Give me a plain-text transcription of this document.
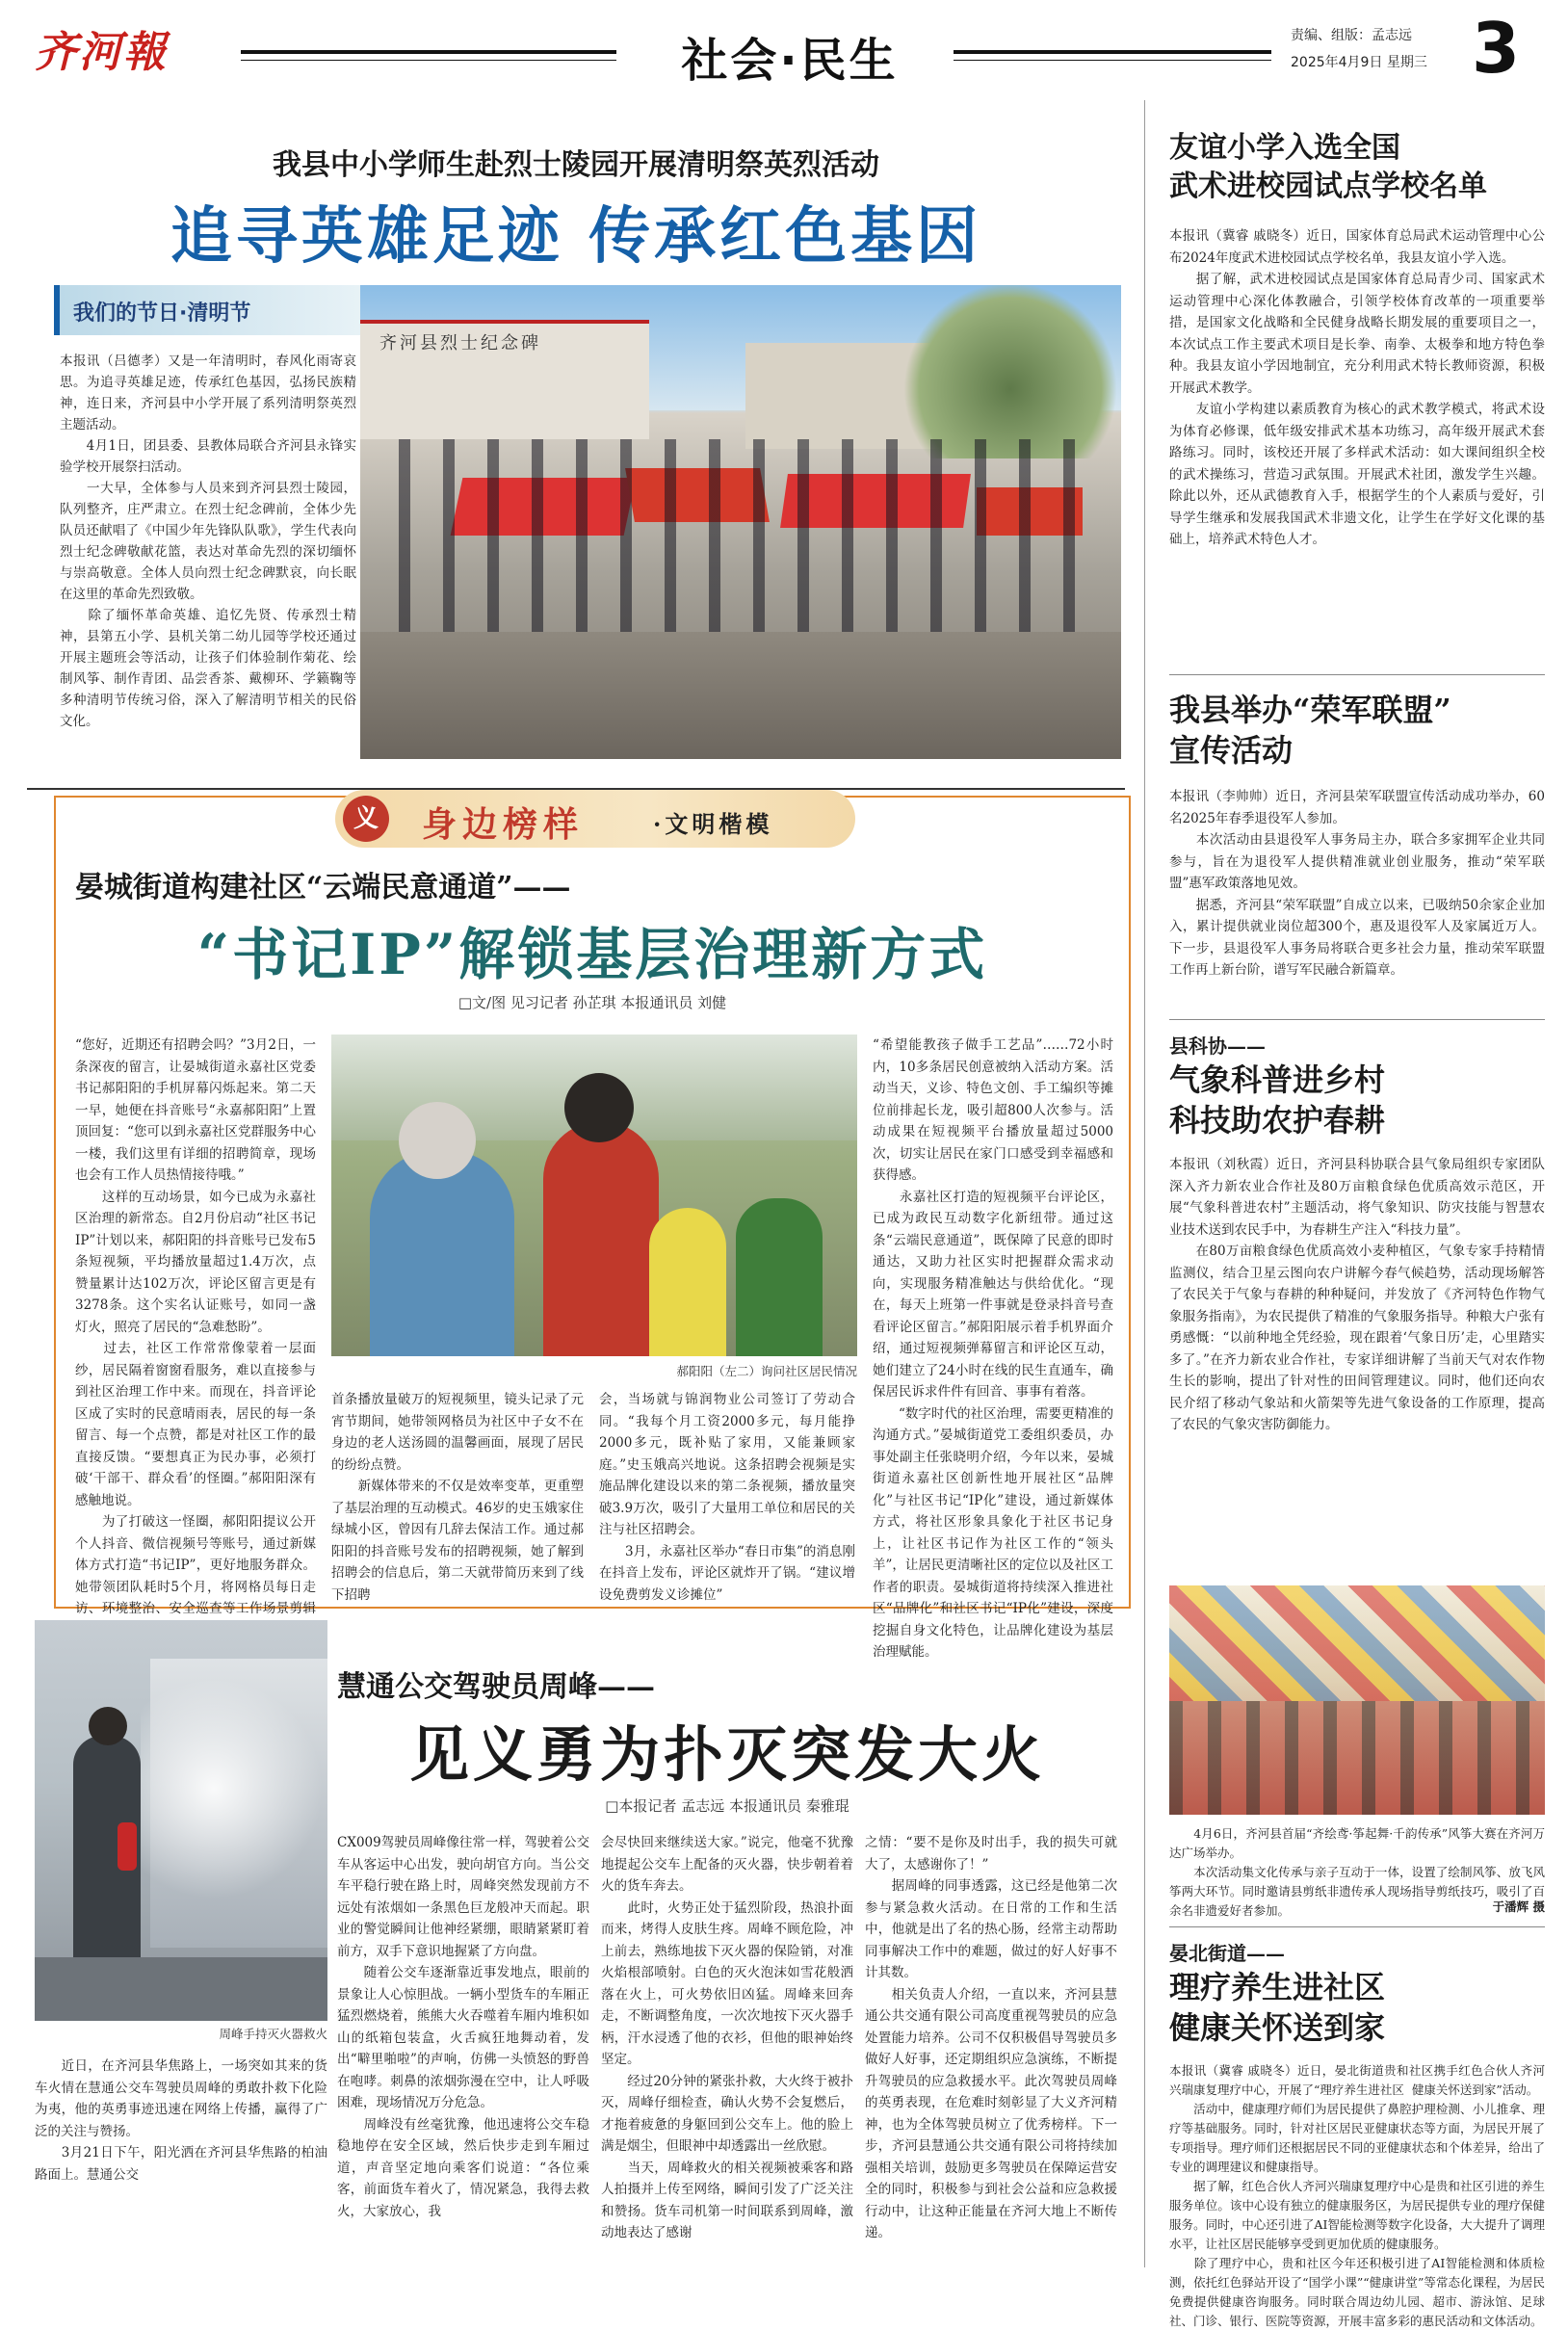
齐河報	社会·民生	责编、组版：孟志远
2025年4月9日 星期三 3
我县中小学师生赴烈士陵园开展清明祭英烈活动
追寻英雄足迹 传承红色基因
我们的节日·清明节
齐河县烈士纪念碑
本报讯（吕德孝）又是一年清明时，春风化雨寄哀思。为追寻英雄足迹，传承红色基因，弘扬民族精神，连日来，齐河县中小学开展了系列清明祭英烈主题活动。
　　4月1日，团县委、县教体局联合齐河县永锋实验学校开展祭扫活动。
　　一大早，全体参与人员来到齐河县烈士陵园，队列整齐，庄严肃立。在烈士纪念碑前，全体少先队员还献唱了《中国少年先锋队队歌》，学生代表向烈士纪念碑敬献花篮，表达对革命先烈的深切缅怀与崇高敬意。全体人员向烈士纪念碑默哀，向长眠在这里的革命先烈致敬。
　　除了缅怀革命英雄、追忆先贤、传承烈士精神，县第五小学、县机关第二幼儿园等学校还通过开展主题班会等活动，让孩子们体验制作菊花、绘制风筝、制作青团、品尝香茶、戴柳环、学籁鞠等多种清明节传统习俗，深入了解清明节相关的民俗文化。
义	身边榜样	·文明楷模
晏城街道构建社区“云端民意通道”——
“书记IP”解锁基层治理新方式
□文/图 见习记者 孙芷琪 本报通讯员 刘健
“您好，近期还有招聘会吗？”3月2日，一条深夜的留言，让晏城街道永嘉社区党委书记郝阳阳的手机屏幕闪烁起来。第二天一早，她便在抖音账号“永嘉郝阳阳”上置顶回复：“您可以到永嘉社区党群服务中心一楼，我们这里有详细的招聘简章，现场也会有工作人员热情接待哦。”
　　这样的互动场景，如今已成为永嘉社区治理的新常态。自2月份启动“社区书记IP”计划以来，郝阳阳的抖音账号已发布5条短视频，平均播放量超过1.4万次，点赞量累计达102万次，评论区留言更是有3278条。这个实名认证账号，如同一盏灯火，照亮了居民的“急难愁盼”。
　　过去，社区工作常常像蒙着一层面纱，居民隔着窗窗看服务，难以直接参与到社区治理工作中来。而现在，抖音评论区成了实时的民意晴雨表，居民的每一条留言、每一个点赞，都是对社区工作的最直接反馈。“要想真正为民办事，必须打破‘干部干、群众看’的怪圈。”郝阳阳深有感触地说。
　　为了打破这一怪圈，郝阳阳提议公开个人抖音、微信视频号等账号，通过新媒体方式打造“书记IP”，更好地服务群众。她带领团队耗时5个月，将网格员每日走访、环境整治、安全巡查等工作场景剪辑
郝阳阳（左二）询问社区居民情况
首条播放量破万的短视频里，镜头记录了元宵节期间，她带领网格员为社区中子女不在身边的老人送汤圆的温馨画面，展现了居民的纷纷点赞。
　　新媒体带来的不仅是效率变革，更重塑了基层治理的互动模式。46岁的史玉娥家住绿城小区，曾因有几辞去保洁工作。通过郝阳阳的抖音账号发布的招聘视频，她了解到招聘会的信息后，第二天就带简历来到了线下招聘
会，当场就与锦润物业公司签订了劳动合同。“我每个月工资2000多元，每月能挣2000多元，既补贴了家用，又能兼顾家庭。”史玉娥高兴地说。这条招聘会视频是实施品牌化建设以来的第二条视频，播放量突破3.9万次，吸引了大量用工单位和居民的关注与社区招聘会。
　　3月，永嘉社区举办“春日市集”的消息刚在抖音上发布，评论区就炸开了锅。“建议增设免费剪发义诊摊位”
“希望能教孩子做手工艺品”……72小时内，10多条居民创意被纳入活动方案。活动当天，义诊、特色文创、手工编织等摊位前排起长龙，吸引超800人次参与。活动成果在短视频平台播放量超过5000次，切实让居民在家门口感受到幸福感和获得感。
　　永嘉社区打造的短视频平台评论区，已成为政民互动数字化新纽带。通过这条“云端民意通道”，既保障了民意的即时通达，又助力社区实时把握群众需求动向，实现服务精准触达与供给优化。“现在，每天上班第一件事就是登录抖音号查看评论区留言。”郝阳阳展示着手机界面介绍，通过短视频弹幕留言和评论区互动，她们建立了24小时在线的民生直通车，确保居民诉求件件有回音、事事有着落。
　　“数字时代的社区治理，需要更精准的沟通方式。”晏城街道党工委组织委员，办事处副主任张晓明介绍，今年以来，晏城街道永嘉社区创新性地开展社区“品牌化”与社区书记“IP化”建设，通过新媒体方式，将社区形象具象化于社区书记身上，让社区书记作为社区工作的“领头羊”，让居民更清晰社区的定位以及社区工作者的职责。晏城街道将持续深入推进社区“品牌化”和社区书记“IP化”建设，深度挖掘自身文化特色，让品牌化建设为基层治理赋能。
慧通公交驾驶员周峰——
见义勇为扑灭突发大火
□本报记者 孟志远 本报通讯员 秦雅琨
周峰手持灭火器救火
　　近日，在齐河县华焦路上，一场突如其来的货车火情在慧通公交车驾驶员周峰的勇敢扑救下化险为夷，他的英勇事迹迅速在网络上传播，赢得了广泛的关注与赞扬。
　　3月21日下午，阳光洒在齐河县华焦路的柏油路面上。慧通公交
CX009驾驶员周峰像往常一样，驾驶着公交车从客运中心出发，驶向胡官方向。当公交车平稳行驶在路上时，周峰突然发现前方不远处有浓烟如一条黑色巨龙般冲天而起。职业的警觉瞬间让他神经紧绷，眼睛紧紧盯着前方，双手下意识地握紧了方向盘。
　　随着公交车逐渐靠近事发地点，眼前的景象让人心惊胆战。一辆小型货车的车厢正猛烈燃烧着，熊熊大火吞噬着车厢内堆积如山的纸箱包装盒，火舌疯狂地舞动着，发出“噼里啪啦”的声响，仿佛一头愤怒的野兽在咆哮。刺鼻的浓烟弥漫在空中，让人呼吸困难，现场情况万分危急。
　　周峰没有丝毫犹豫，他迅速将公交车稳稳地停在安全区域，然后快步走到车厢过道，声音坚定地向乘客们说道：“各位乘客，前面货车着火了，情况紧急，我得去救火，大家放心，我
会尽快回来继续送大家。”说完，他毫不犹豫地提起公交车上配备的灭火器，快步朝着着火的货车奔去。
　　此时，火势正处于猛烈阶段，热浪扑面而来，烤得人皮肤生疼。周峰不顾危险，冲上前去，熟练地拔下灭火器的保险销，对准火焰根部喷射。白色的灭火泡沫如雪花般洒落在火上，可火势依旧凶猛。周峰来回奔走，不断调整角度，一次次地按下灭火器手柄，汗水浸透了他的衣衫，但他的眼神始终坚定。
　　经过20分钟的紧张扑救，大火终于被扑灭，周峰仔细检查，确认火势不会复燃后，才拖着疲惫的身躯回到公交车上。他的脸上满是烟尘，但眼神中却透露出一丝欣慰。
　　当天，周峰救火的相关视频被乘客和路人拍摄并上传至网络，瞬间引发了广泛关注和赞扬。货车司机第一时间联系到周峰，激动地表达了感谢
之情：“要不是你及时出手，我的损失可就大了，太感谢你了！”
　　据周峰的同事透露，这已经是他第二次参与紧急救火活动。在日常的工作和生活中，他就是出了名的热心肠，经常主动帮助同事解决工作中的难题，做过的好人好事不计其数。
　　相关负责人介绍，一直以来，齐河县慧通公共交通有限公司高度重视驾驶员的应急处置能力培养。公司不仅积极倡导驾驶员多做好人好事，还定期组织应急演练，不断提升驾驶员的应急救援水平。此次驾驶员周峰的英勇表现，在危难时刻彰显了大义齐河精神，也为全体驾驶员树立了优秀榜样。下一步，齐河县慧通公共交通有限公司将持续加强相关培训，鼓励更多驾驶员在保障运营安全的同时，积极参与到社会公益和应急救援行动中，让这种正能量在齐河大地上不断传递。
友谊小学入选全国
武术进校园试点学校名单
本报讯（冀睿 戚晓冬）近日，国家体育总局武术运动管理中心公布2024年度武术进校园试点学校名单，我县友谊小学入选。
　　据了解，武术进校园试点是国家体育总局青少司、国家武术运动管理中心深化体教融合，引领学校体育改革的一项重要举措，是国家文化战略和全民健身战略长期发展的重要项目之一，本次试点工作主要武术项目是长拳、南拳、太极拳和地方特色拳种。我县友谊小学因地制宜，充分利用武术特长教师资源，积极开展武术教学。
　　友谊小学构建以素质教育为核心的武术教学模式，将武术设为体育必修课，低年级安排武术基本功练习，高年级开展武术套路练习。同时，该校还开展了多样武术活动：如大课间组织全校的武术操练习，营造习武氛围。开展武术社团，激发学生兴趣。除此以外，还从武德教育入手，根据学生的个人素质与爱好，引导学生继承和发展我国武术非遗文化，让学生在学好文化课的基础上，培养武术特色人才。
我县举办“荣军联盟”
宣传活动
本报讯（李帅帅）近日，齐河县荣军联盟宣传活动成功举办，60名2025年春季退役军人参加。
　　本次活动由县退役军人事务局主办，联合多家拥军企业共同参与，旨在为退役军人提供精准就业创业服务，推动“荣军联盟”惠军政策落地见效。
　　据悉，齐河县“荣军联盟”自成立以来，已吸纳50余家企业加入，累计提供就业岗位超300个，惠及退役军人及家属近万人。下一步，县退役军人事务局将联合更多社会力量，推动荣军联盟工作再上新台阶，谱写军民融合新篇章。
县科协——
气象科普进乡村
科技助农护春耕
本报讯（刘秋霞）近日，齐河县科协联合县气象局组织专家团队深入齐力新农业合作社及80万亩粮食绿色优质高效示范区，开展“气象科普进农村”主题活动，将气象知识、防灾技能与智慧农业技术送到农民手中，为春耕生产注入“科技力量”。
　　在80万亩粮食绿色优质高效小麦种植区，气象专家手持精情监测仪，结合卫星云图向农户讲解今春气候趋势，活动现场解答了农民关于气象与春耕的种种疑问，并发放了《齐河特色作物气象服务指南》，为农民提供了精准的气象服务指导。种粮大户张有勇感慨：“以前种地全凭经验，现在跟着‘气象日历’走，心里踏实多了。”在齐力新农业合作社，专家详细讲解了当前天气对农作物生长的影响，提出了针对性的田间管理建议。同时，他们还向农民介绍了移动气象站和火箭架等先进气象设备的工作原理，提高了农民的气象灾害防御能力。
　　4月6日，齐河县首届“齐绘鸢·筝起舞·千韵传承”风筝大赛在齐河万达广场举办。
　　本次活动集文化传承与亲子互动于一体，设置了绘制风筝、放飞风筝两大环节。同时邀请县剪纸非遗传承人现场指导剪纸技巧，吸引了百余名非遗爱好者参加。	于潘辉 摄
晏北街道——
理疗养生进社区
健康关怀送到家
本报讯（冀睿 戚晓冬）近日，晏北街道贵和社区携手红色合伙人齐河兴瑞康复理疗中心，开展了“理疗养生进社区  健康关怀送到家”活动。
　　活动中，健康理疗师们为居民提供了鼻腔护理检测、小儿推拿、理疗等基础服务。同时，针对社区居民亚健康状态等方面，为居民开展了专项指导。理疗师们还根据居民不同的亚健康状态和个体差异，给出了专业的调理建议和健康指导。
　　据了解，红色合伙人齐河兴瑞康复理疗中心是贵和社区引进的养生服务单位。该中心设有独立的健康服务区，为居民提供专业的理疗保健服务。同时，中心还引进了AI智能检测等数字化设备，大大提升了调理水平，让社区居民能够享受到更加优质的健康服务。
　　除了理疗中心，贵和社区今年还积极引进了AI智能检测和体质检测，依托红色驿站开设了“国学小课”“健康讲堂”等常态化课程，为居民免费提供健康咨询服务。同时联合周边幼儿园、超市、游泳馆、足球社、门诊、银行、医院等资源，开展丰富多彩的惠民活动和文体活动。
